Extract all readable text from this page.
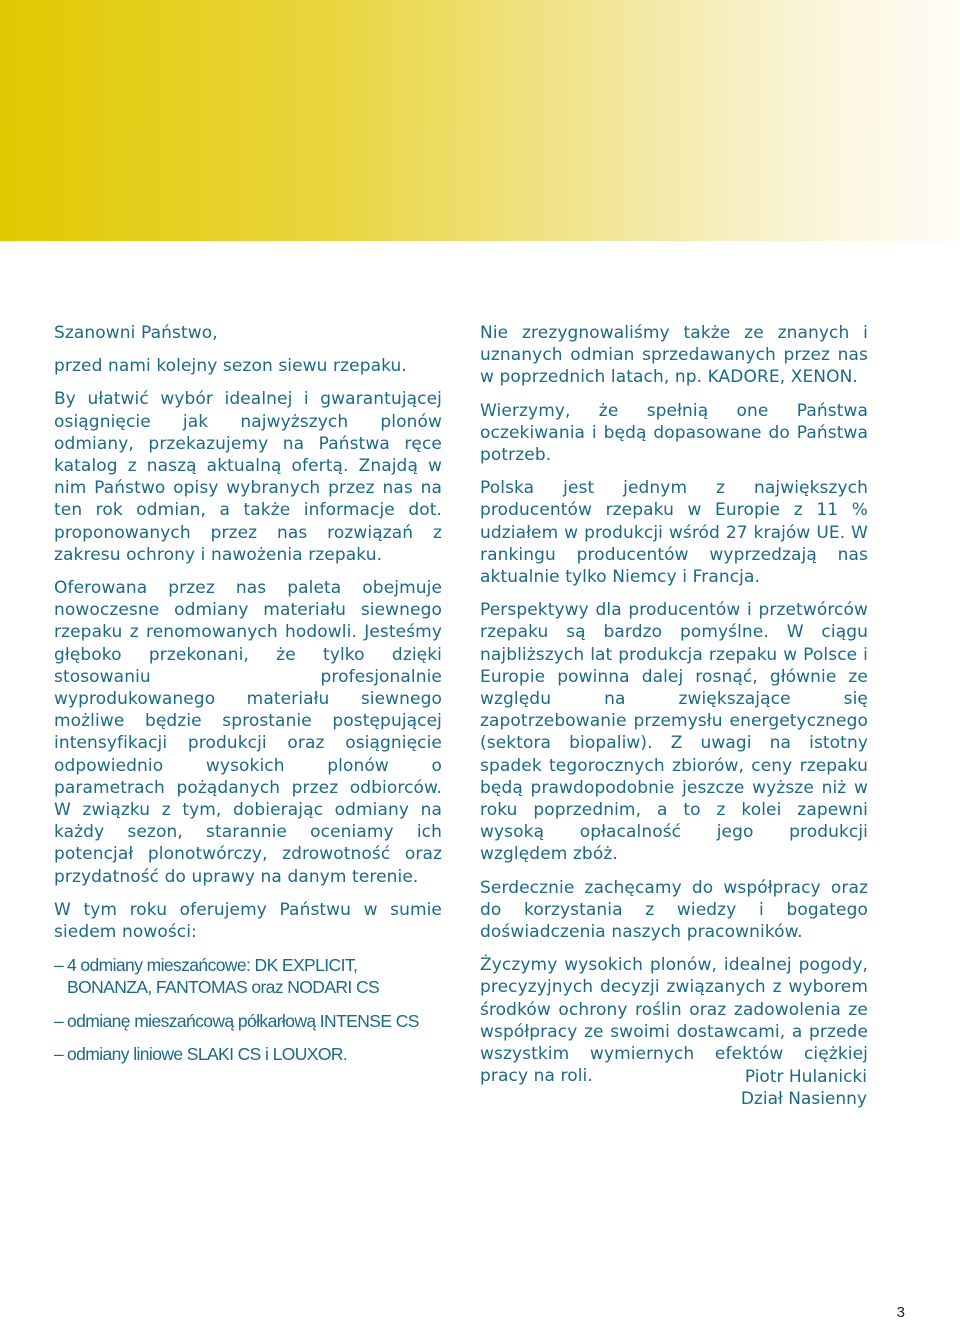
Szanowni Państwo,

przed nami kolejny sezon siewu rzepaku.

By ułatwić wybór idealnej i gwarantującej osiągnięcie jak najwyższych plonów odmiany, przekazujemy na Państwa ręce katalog z naszą aktualną ofertą. Znajdą w nim Państwo opisy wybranych przez nas na ten rok odmian, a także informacje dot. proponowanych przez nas rozwiązań z zakresu ochrony i nawożenia rzepaku.

Oferowana przez nas paleta obejmuje nowoczesne odmiany materiału siewnego rzepaku z renomowanych hodowli. Jesteśmy głęboko przekonani, że tylko dzięki stosowaniu profesjonalnie wyprodukowanego materiału siewnego możliwe będzie sprostanie postępującej intensyfikacji produkcji oraz osiągnięcie odpowiednio wysokich plonów o parametrach pożądanych przez odbiorców. W związku z tym, dobierając odmiany na każdy sezon, starannie oceniamy ich potencjał plonotwórczy, zdrowotność oraz przydatność do uprawy na danym terenie.

W tym roku oferujemy Państwu w sumie siedem nowości:

– 4 odmiany mieszańcowe: DK EXPLICIT, BONANZA, FANTOMAS oraz NODARI CS
– odmianę mieszańcową półkarłową INTENSE CS
– odmiany liniowe SLAKI CS i LOUXOR.

Nie zrezygnowaliśmy także ze znanych i uznanych odmian sprzedawanych przez nas w poprzednich latach, np. KADORE, XENON.

Wierzymy, że spełnią one Państwa oczekiwania i będą dopasowane do Państwa potrzeb.

Polska jest jednym z największych producentów rzepaku w Europie z 11 % udziałem w produkcji wśród 27 krajów UE. W rankingu producentów wyprzedzają nas aktualnie tylko Niemcy i Francja.

Perspektywy dla producentów i przetwórców rzepaku są bardzo pomyślne. W ciągu najbliższych lat produkcja rzepaku w Polsce i Europie powinna dalej rosnąć, głównie ze względu na zwiększające się zapotrzebowanie przemysłu energetycznego (sektora biopaliw). Z uwagi na istotny spadek tegorocznych zbiorów, ceny rzepaku będą prawdopodobnie jeszcze wyższe niż w roku poprzednim, a to z kolei zapewni wysoką opłacalność jego produkcji względem zbóż.

Serdecznie zachęcamy do współpracy oraz do korzystania z wiedzy i bogatego doświadczenia naszych pracowników.

Życzymy wysokich plonów, idealnej pogody, precyzyjnych decyzji związanych z wyborem środków ochrony roślin oraz zadowolenia ze współpracy ze swoimi dostawcami, a przede wszystkim wymiernych efektów ciężkiej pracy na roli.	Piotr Hulanicki
Dział Nasienny
3
